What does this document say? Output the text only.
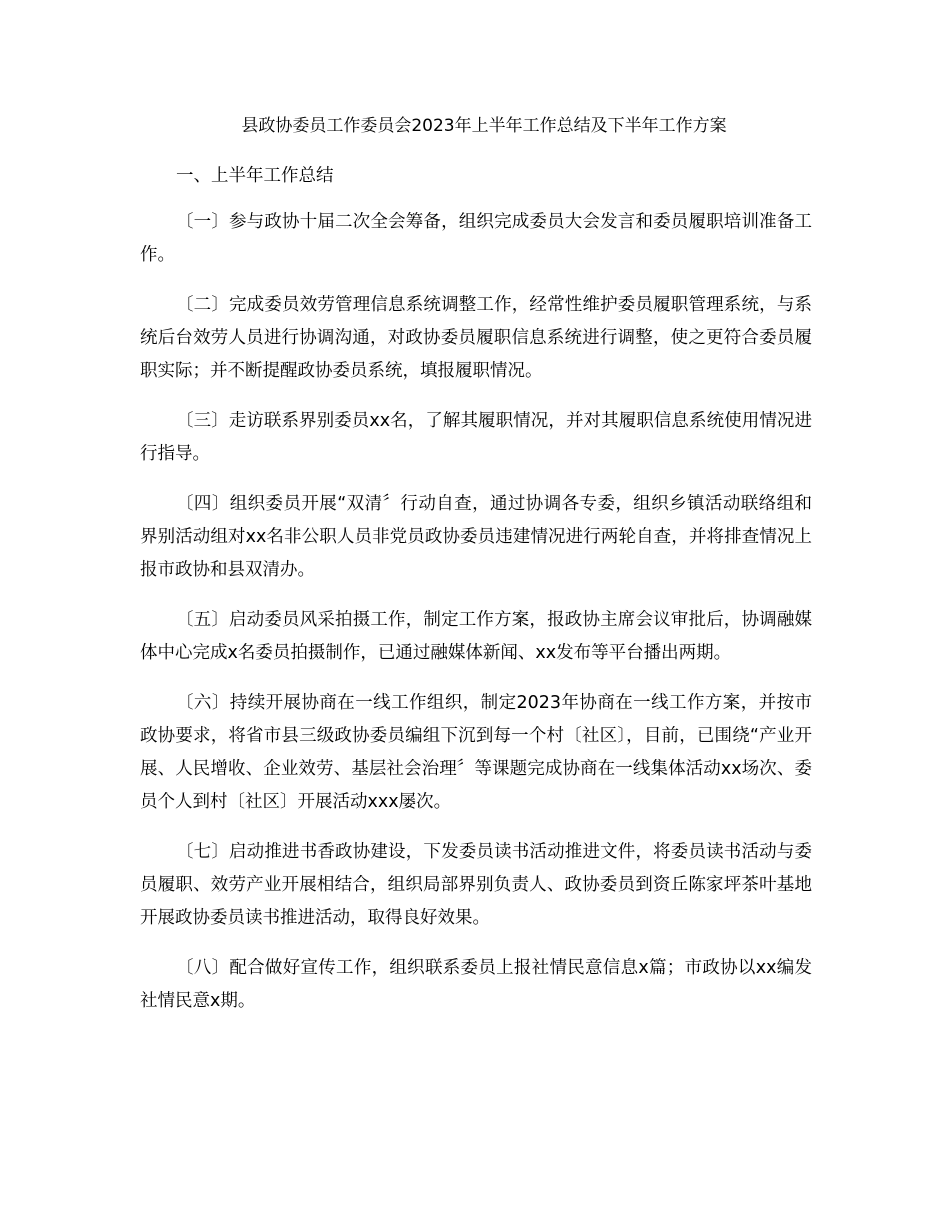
县政协委员工作委员会2023年上半年工作总结及下半年工作方案

一、上半年工作总结

〔一〕参与政协十届二次全会筹备，组织完成委员大会发言和委员履职培训准备工作。

〔二〕完成委员效劳管理信息系统调整工作，经常性维护委员履职管理系统，与系统后台效劳人员进行协调沟通，对政协委员履职信息系统进行调整，使之更符合委员履职实际；并不断提醒政协委员系统，填报履职情况。

〔三〕走访联系界别委员xx名，了解其履职情况，并对其履职信息系统使用情况进行指导。

〔四〕组织委员开展“双清〞行动自查，通过协调各专委，组织乡镇活动联络组和界别活动组对xx名非公职人员非党员政协委员违建情况进行两轮自查，并将排查情况上报市政协和县双清办。

〔五〕启动委员风采拍摄工作，制定工作方案，报政协主席会议审批后，协调融媒体中心完成x名委员拍摄制作，已通过融媒体新闻、xx发布等平台播出两期。

〔六〕持续开展协商在一线工作组织，制定2023年协商在一线工作方案，并按市政协要求，将省市县三级政协委员编组下沉到每一个村〔社区〕，目前，已围绕“产业开展、人民增收、企业效劳、基层社会治理〞等课题完成协商在一线集体活动xx场次、委员个人到村〔社区〕开展活动xxx屡次。

〔七〕启动推进书香政协建设，下发委员读书活动推进文件，将委员读书活动与委员履职、效劳产业开展相结合，组织局部界别负责人、政协委员到资丘陈家坪茶叶基地开展政协委员读书推进活动，取得良好效果。

〔八〕配合做好宣传工作，组织联系委员上报社情民意信息x篇；市政协以xx编发社情民意x期。
